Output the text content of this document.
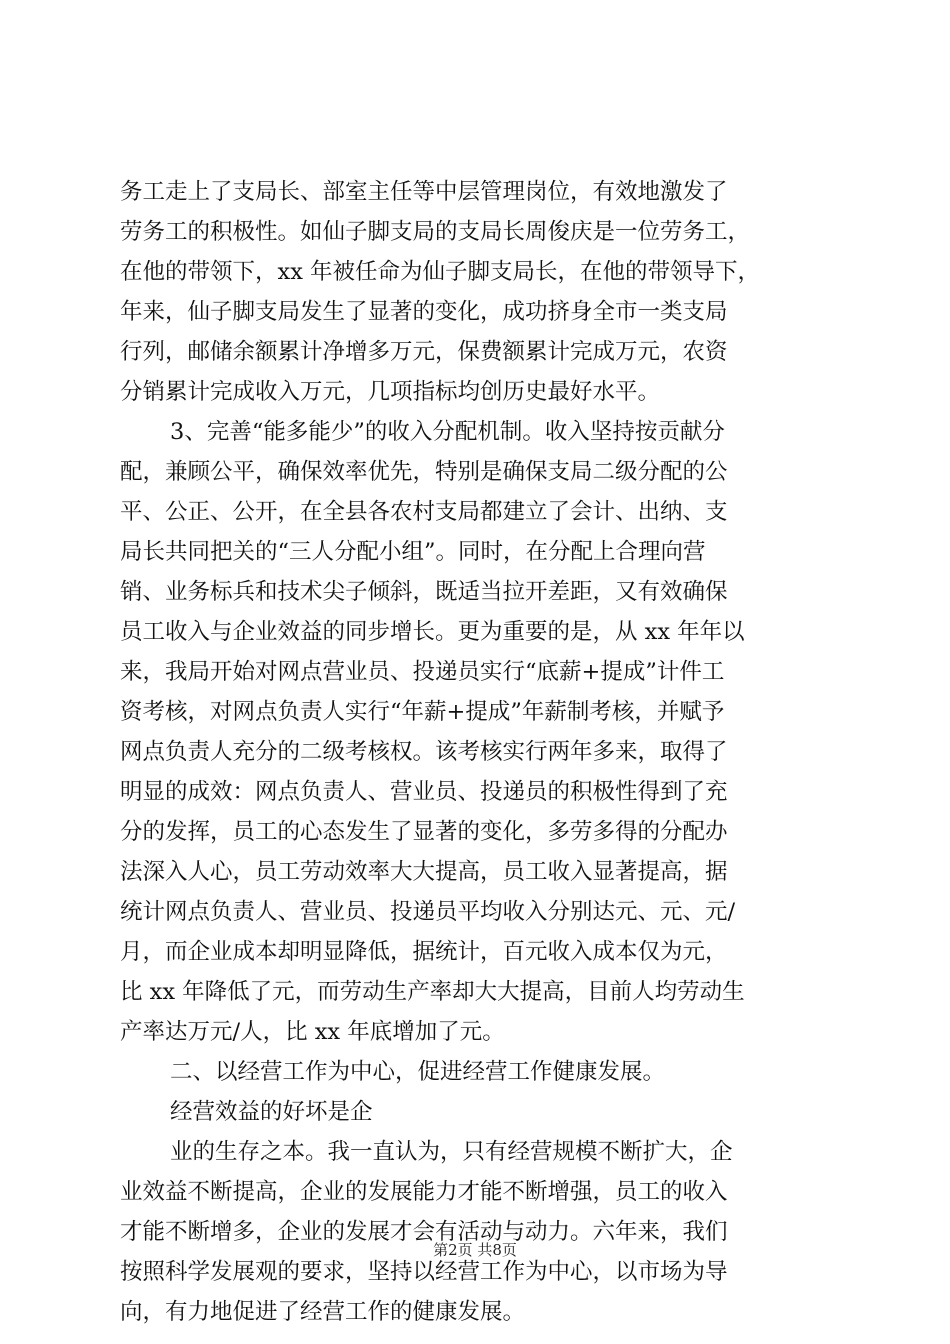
务工走上了支局长、部室主任等中层管理岗位，有效地激发了
劳务工的积极性。如仙子脚支局的支局长周俊庆是一位劳务工，
在他的带领下，xx 年被任命为仙子脚支局长，在他的带领导下，
年来，仙子脚支局发生了显著的变化，成功挤身全市一类支局
行列，邮储余额累计净增多万元，保费额累计完成万元，农资
分销累计完成收入万元，几项指标均创历史最好水平。
3、完善“能多能少”的收入分配机制。收入坚持按贡献分
配，兼顾公平，确保效率优先，特别是确保支局二级分配的公
平、公正、公开，在全县各农村支局都建立了会计、出纳、支
局长共同把关的“三人分配小组”。同时，在分配上合理向营
销、业务标兵和技术尖子倾斜，既适当拉开差距，又有效确保
员工收入与企业效益的同步增长。更为重要的是，从 xx 年年以
来，我局开始对网点营业员、投递员实行“底薪+提成”计件工
资考核，对网点负责人实行“年薪+提成”年薪制考核，并赋予
网点负责人充分的二级考核权。该考核实行两年多来，取得了
明显的成效：网点负责人、营业员、投递员的积极性得到了充
分的发挥，员工的心态发生了显著的变化，多劳多得的分配办
法深入人心，员工劳动效率大大提高，员工收入显著提高，据
统计网点负责人、营业员、投递员平均收入分别达元、元、元/
月，而企业成本却明显降低，据统计，百元收入成本仅为元，
比 xx 年降低了元，而劳动生产率却大大提高，目前人均劳动生
产率达万元/人，比 xx 年底增加了元。
二、以经营工作为中心，促进经营工作健康发展。
经营效益的好坏是企
业的生存之本。我一直认为，只有经营规模不断扩大，企
业效益不断提高，企业的发展能力才能不断增强，员工的收入
才能不断增多，企业的发展才会有活动与动力。六年来，我们
按照科学发展观的要求，坚持以经营工作为中心，以市场为导
向，有力地促进了经营工作的健康发展。
第2页 共8页
